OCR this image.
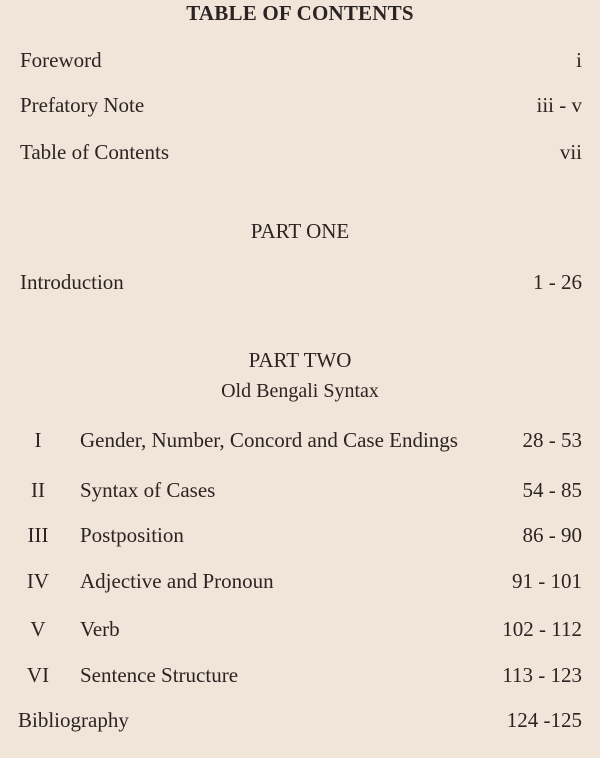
TABLE OF CONTENTS
Foreword	i
Prefatory Note	iii - v
Table of Contents	vii
PART ONE
Introduction	1 - 26
PART TWO
Old Bengali Syntax
I	Gender, Number, Concord and Case Endings	28 - 53
II	Syntax of Cases	54 - 85
III	Postposition	86 - 90
IV	Adjective and Pronoun	91 - 101
V	Verb	102 - 112
VI	Sentence Structure	113 - 123
Bibliography	124 -125
